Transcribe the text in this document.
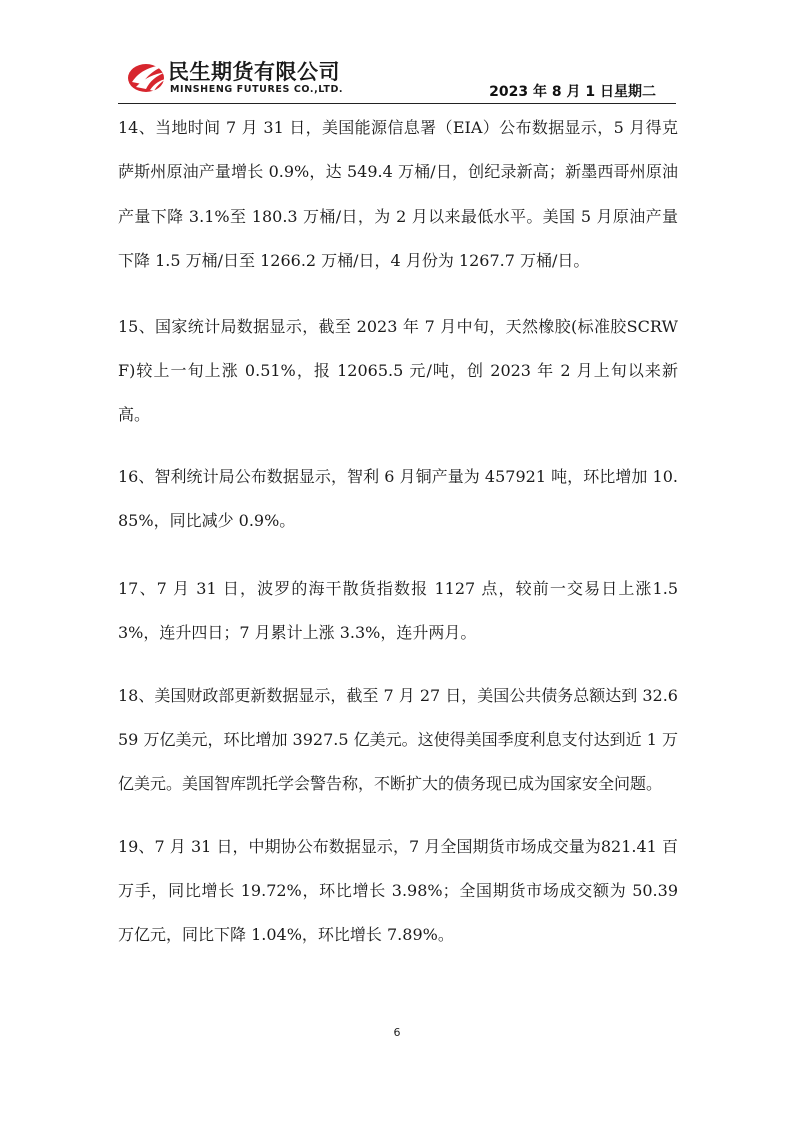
民生期货有限公司
MINSHENG FUTURES CO.,LTD.	2023 年 8 月 1 日星期二

14、当地时间 7 月 31 日，美国能源信息署（EIA）公布数据显示，5 月得克萨斯州原油产量增长 0.9%，达 549.4 万桶/日，创纪录新高；新墨西哥州原油产量下降 3.1%至 180.3 万桶/日，为 2 月以来最低水平。美国 5 月原油产量下降 1.5 万桶/日至 1266.2 万桶/日，4 月份为 1267.7 万桶/日。

15、国家统计局数据显示，截至 2023 年 7 月中旬，天然橡胶(标准胶SCRWF)较上一旬上涨 0.51%，报 12065.5 元/吨，创 2023 年 2 月上旬以来新高。

16、智利统计局公布数据显示，智利 6 月铜产量为 457921 吨，环比增加 10.85%，同比减少 0.9%。

17、7 月 31 日，波罗的海干散货指数报 1127 点，较前一交易日上涨1.53%，连升四日；7 月累计上涨 3.3%，连升两月。

18、美国财政部更新数据显示，截至 7 月 27 日，美国公共债务总额达到 32.659 万亿美元，环比增加 3927.5 亿美元。这使得美国季度利息支付达到近 1 万亿美元。美国智库凯托学会警告称，不断扩大的债务现已成为国家安全问题。

19、7 月 31 日，中期协公布数据显示，7 月全国期货市场成交量为821.41 百万手，同比增长 19.72%，环比增长 3.98%；全国期货市场成交额为 50.39 万亿元，同比下降 1.04%，环比增长 7.89%。

6
